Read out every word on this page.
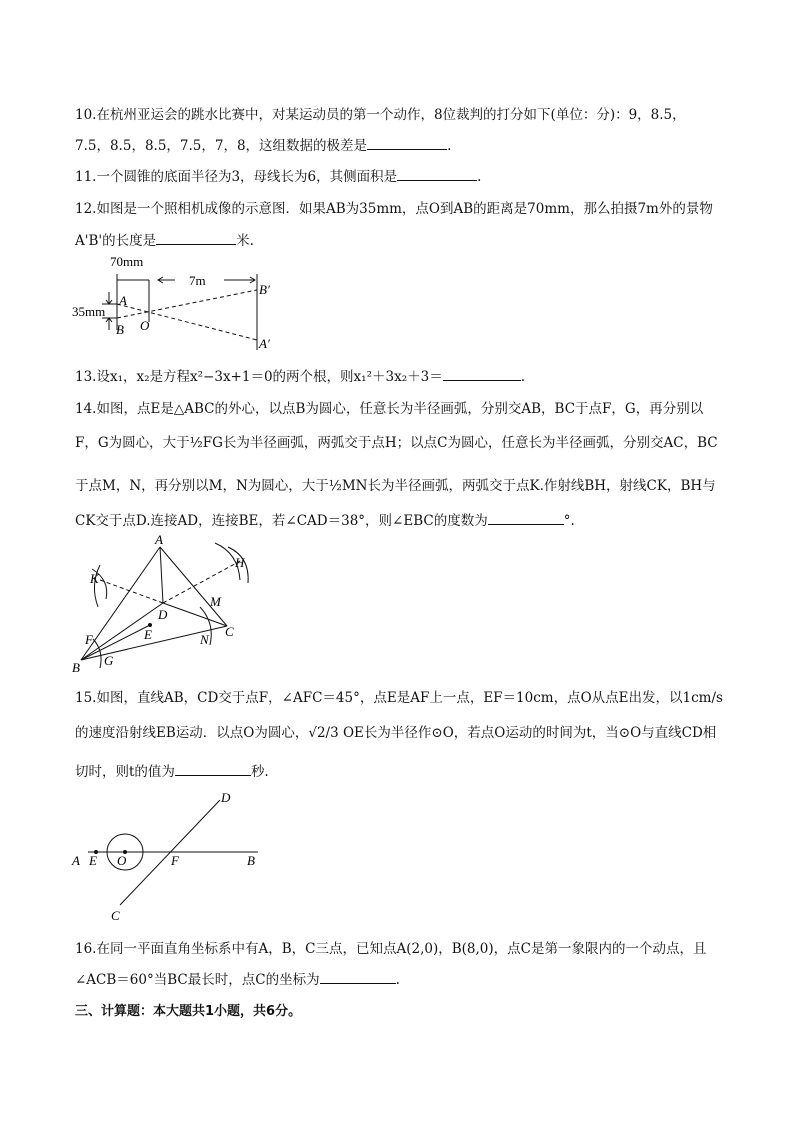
10.在杭州亚运会的跳水比赛中，对某运动员的第一个动作，8位裁判的打分如下(单位：分)：9，8.5，
7.5，8.5，8.5，7.5，7，8，这组数据的极差是	.
11.一个圆锥的底面半径为3，母线长为6，其侧面积是	.
12.如图是一个照相机成像的示意图．如果AB为35mm，点O到AB的距离是70mm，那么拍摄7m外的景物
A'B'的长度是	米.
70mm
7m
35mm
A
B O
B′
A′
13.设x₁，x₂是方程x²−3x+1＝0的两个根，则x₁²＋3x₂＋3＝	.
14.如图，点E是△ABC的外心，以点B为圆心，任意长为半径画弧，分别交AB，BC于点F，G，再分别以
F，G为圆心，大于½FG长为半径画弧，两弧交于点H；以点C为圆心，任意长为半径画弧，分别交AC，BC
于点M，N，再分别以M，N为圆心，大于½MN长为半径画弧，两弧交于点K.作射线BH，射线CK，BH与
CK交于点D.连接AD，连接BE，若∠CAD＝38°，则∠EBC的度数为	°.
A
B
C
D
E
F
G
H
K
M
N
15.如图，直线AB，CD交于点F，∠AFC＝45°，点E是AF上一点，EF＝10cm，点O从点E出发，以1cm/s
的速度沿射线EB运动．以点O为圆心，√2/3 OE长为半径作⊙O，若点O运动的时间为t，当⊙O与直线CD相
切时，则t的值为	秒.
A E O	F	B
C
D
16.在同一平面直角坐标系中有A，B，C三点，已知点A(2,0)，B(8,0)，点C是第一象限内的一个动点，且
∠ACB＝60°当BC最长时，点C的坐标为	.
三、计算题：本大题共1小题，共6分。
